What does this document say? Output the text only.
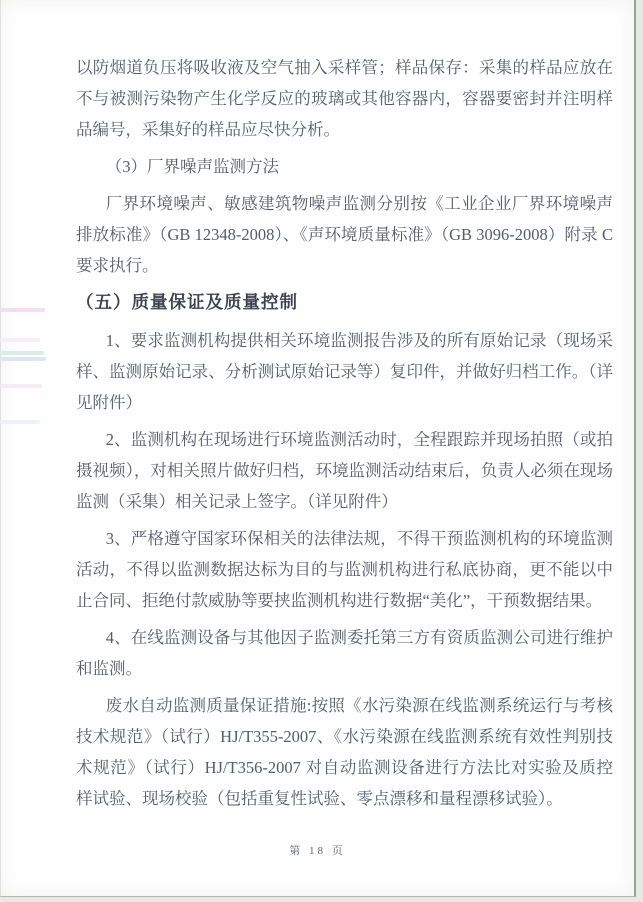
以防烟道负压将吸收液及空气抽入采样管；样品保存：采集的样品应放在不与被测污染物产生化学反应的玻璃或其他容器内，容器要密封并注明样品编号，采集好的样品应尽快分析。

（3）厂界噪声监测方法

厂界环境噪声、敏感建筑物噪声监测分别按《工业企业厂界环境噪声排放标准》（GB 12348-2008）、《声环境质量标准》（GB 3096-2008）附录 C 要求执行。

（五）质量保证及质量控制

1、要求监测机构提供相关环境监测报告涉及的所有原始记录（现场采样、监测原始记录、分析测试原始记录等）复印件，并做好归档工作。（详见附件）

2、监测机构在现场进行环境监测活动时，全程跟踪并现场拍照（或拍摄视频），对相关照片做好归档，环境监测活动结束后，负责人必须在现场监测（采集）相关记录上签字。（详见附件）

3、严格遵守国家环保相关的法律法规，不得干预监测机构的环境监测活动，不得以监测数据达标为目的与监测机构进行私底协商，更不能以中止合同、拒绝付款威胁等要挟监测机构进行数据“美化”，干预数据结果。

4、在线监测设备与其他因子监测委托第三方有资质监测公司进行维护和监测。

废水自动监测质量保证措施:按照《水污染源在线监测系统运行与考核技术规范》（试行）HJ/T355-2007、《水污染源在线监测系统有效性判别技术规范》（试行）HJ/T356-2007 对自动监测设备进行方法比对实验及质控样试验、现场校验（包括重复性试验、零点漂移和量程漂移试验）。

第 18 页
